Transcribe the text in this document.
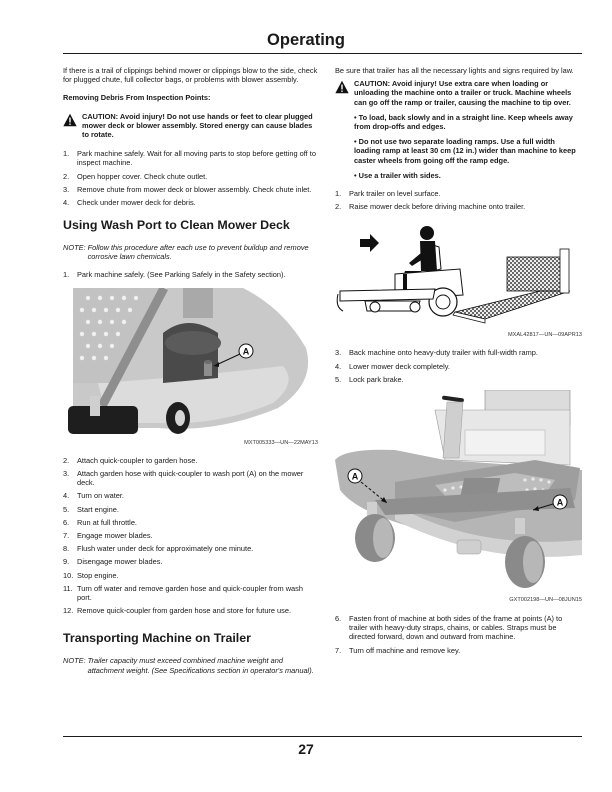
Operating

If there is a trail of clippings behind mower or clippings blow to the side, check for plugged chute, full collector bags, or problems with blower assembly.

Removing Debris From Inspection Points:

CAUTION: Avoid injury! Do not use hands or feet to clear plugged mower deck or blower assembly. Stored energy can cause blades to rotate.
1.	Park machine safely. Wait for all moving parts to stop before getting off to inspect machine.
2.	Open hopper cover. Check chute outlet.
3.	Remove chute from mower deck or blower assembly. Check chute inlet.
4.	Check under mower deck for debris.
Using Wash Port to Clean Mower Deck
NOTE: Follow this procedure after each use to prevent buildup and remove corrosive lawn chemicals.
1.	Park machine safely. (See Parking Safely in the Safety section).
A
MXT005333—UN—22MAY13
2.	Attach quick-coupler to garden hose.
3.	Attach garden hose with quick-coupler to wash port (A) on the mower deck.
4.	Turn on water.
5.	Start engine.
6.	Run at full throttle.
7.	Engage mower blades.
8.	Flush water under deck for approximately one minute.
9.	Disengage mower blades.
10. Stop engine.
11. Turn off water and remove garden hose and quick-coupler from wash port.
12. Remove quick-coupler from garden hose and store for future use.
Transporting Machine on Trailer
NOTE: Trailer capacity must exceed combined machine weight and attachment weight. (See Specifications section in operator's manual).

Be sure that trailer has all the necessary lights and signs required by law.

CAUTION: Avoid injury! Use extra care when loading or unloading the machine onto a trailer or truck. Machine wheels can go off the ramp or trailer, causing the machine to tip over.

• To load, back slowly and in a straight line. Keep wheels away from drop-offs and edges.

• Do not use two separate loading ramps. Use a full width loading ramp at least 30 cm (12 in.) wider than machine to keep caster wheels from going off the ramp edge.

• Use a trailer with sides.

1.	Park trailer on level surface.
2.	Raise mower deck before driving machine onto trailer.
MXAL42817—UN—09APR13
3.	Back machine onto heavy-duty trailer with full-width ramp.
4.	Lower mower deck completely.
5.	Lock park brake.
A
A
GXT002198—UN—08JUN15
6.	Fasten front of machine at both sides of the frame at points (A) to trailer with heavy-duty straps, chains, or cables. Straps must be directed forward, down and outward from machine.
7.	Turn off machine and remove key.
27
